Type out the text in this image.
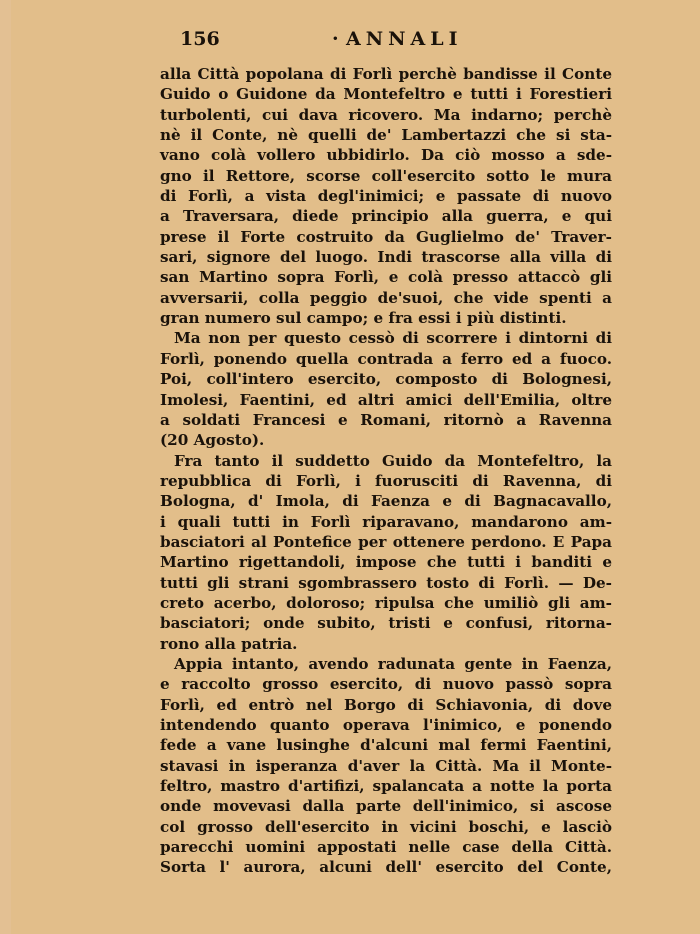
156	· ANNALI
alla Città popolana di Forlì perchè bandisse il Conte
Guido o Guidone da Montefeltro e tutti i Forestieri
turbolenti, cui dava ricovero. Ma indarno; perchè
nè il Conte, nè quelli de' Lambertazzi che si sta-
vano colà vollero ubbidirlo. Da ciò mosso a sde-
gno il Rettore, scorse coll'esercito sotto le mura
di Forlì, a vista degl'inimici; e passate di nuovo
a Traversara, diede principio alla guerra, e qui
prese il Forte costruito da Guglielmo de' Traver-
sari, signore del luogo. Indi trascorse alla villa di
san Martino sopra Forlì, e colà presso attaccò gli
avversarii, colla peggio de'suoi, che vide spenti a
gran numero sul campo; e fra essi i più distinti.
Ma non per questo cessò di scorrere i dintorni di
Forlì, ponendo quella contrada a ferro ed a fuoco.
Poi, coll'intero esercito, composto di Bolognesi,
Imolesi, Faentini, ed altri amici dell'Emilia, oltre
a soldati Francesi e Romani, ritornò a Ravenna
(20 Agosto).
Fra tanto il suddetto Guido da Montefeltro, la
repubblica di Forlì, i fuorusciti di Ravenna, di
Bologna, d' Imola, di Faenza e di Bagnacavallo,
i quali tutti in Forlì riparavano, mandarono am-
basciatori al Pontefice per ottenere perdono. E Papa
Martino rigettandoli, impose che tutti i banditi e
tutti gli strani sgombrassero tosto di Forlì. — De-
creto acerbo, doloroso; ripulsa che umiliò gli am-
basciatori; onde subito, tristi e confusi, ritorna-
rono alla patria.
Appia intanto, avendo radunata gente in Faenza,
e raccolto grosso esercito, di nuovo passò sopra
Forlì, ed entrò nel Borgo di Schiavonia, di dove
intendendo quanto operava l'inimico, e ponendo
fede a vane lusinghe d'alcuni mal fermi Faentini,
stavasi in isperanza d'aver la Città. Ma il Monte-
feltro, mastro d'artifizi, spalancata a notte la porta
onde movevasi dalla parte dell'inimico, si ascose
col grosso dell'esercito in vicini boschi, e lasciò
parecchi uomini appostati nelle case della Città.
Sorta l' aurora, alcuni dell' esercito del Conte,
